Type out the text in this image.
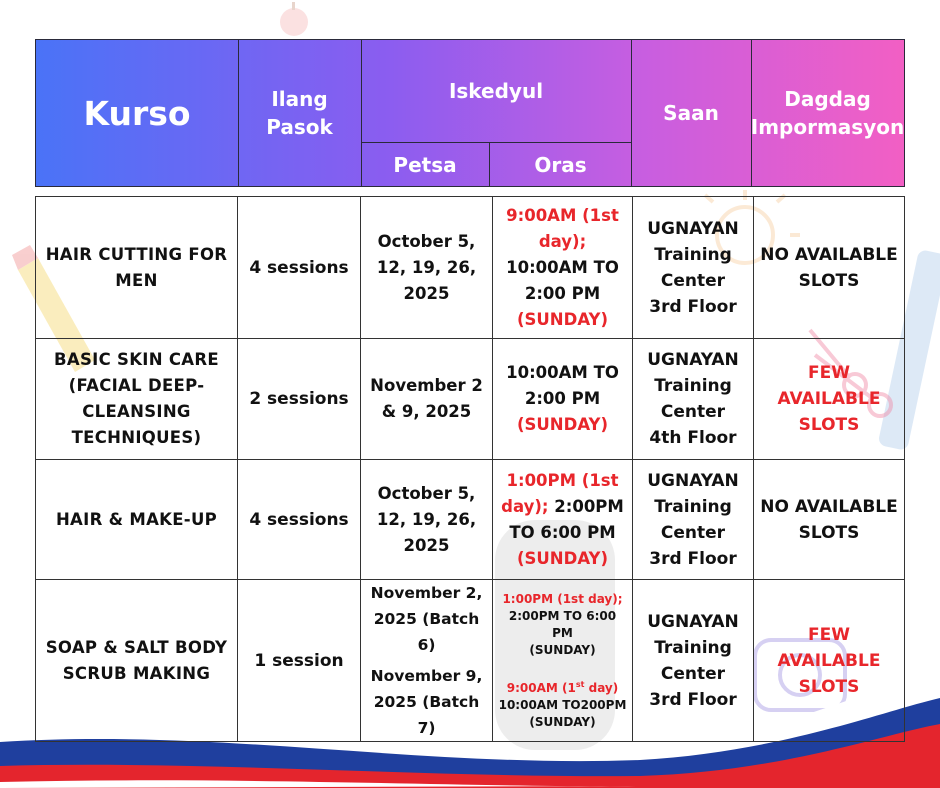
Kurso	Ilang
Pasok
Iskedyul
Petsa	Oras
Saan
Dagdag
Impormasyon
HAIR CUTTING FOR
MEN
4 sessions
October 5,
12, 19, 26,
2025
9:00AM (1st
day);
10:00AM TO
2:00 PM
(SUNDAY)
UGNAYAN
Training
Center
3rd Floor
NO AVAILABLE
SLOTS
BASIC SKIN CARE
(FACIAL DEEP-
CLEANSING
TECHNIQUES)
2 sessions
November 2
& 9, 2025
10:00AM TO
2:00 PM
(SUNDAY)
UGNAYAN
Training
Center
4th Floor
FEW
AVAILABLE
SLOTS
HAIR & MAKE-UP 4 sessions
October 5,
12, 19, 26,
2025
1:00PM (1st
day); 2:00PM
TO 6:00 PM
(SUNDAY)
UGNAYAN
Training
Center
3rd Floor
NO AVAILABLE
SLOTS
SOAP & SALT BODY
SCRUB MAKING
1 session
November 2,
2025 (Batch 6)
November 9,
2025 (Batch 7)
1:00PM (1st day);
2:00PM TO 6:00 PM
(SUNDAY)
9:00AM (1st day)
10:00AM TO200PM
(SUNDAY)
UGNAYAN
Training
Center
3rd Floor
FEW
AVAILABLE
SLOTS
